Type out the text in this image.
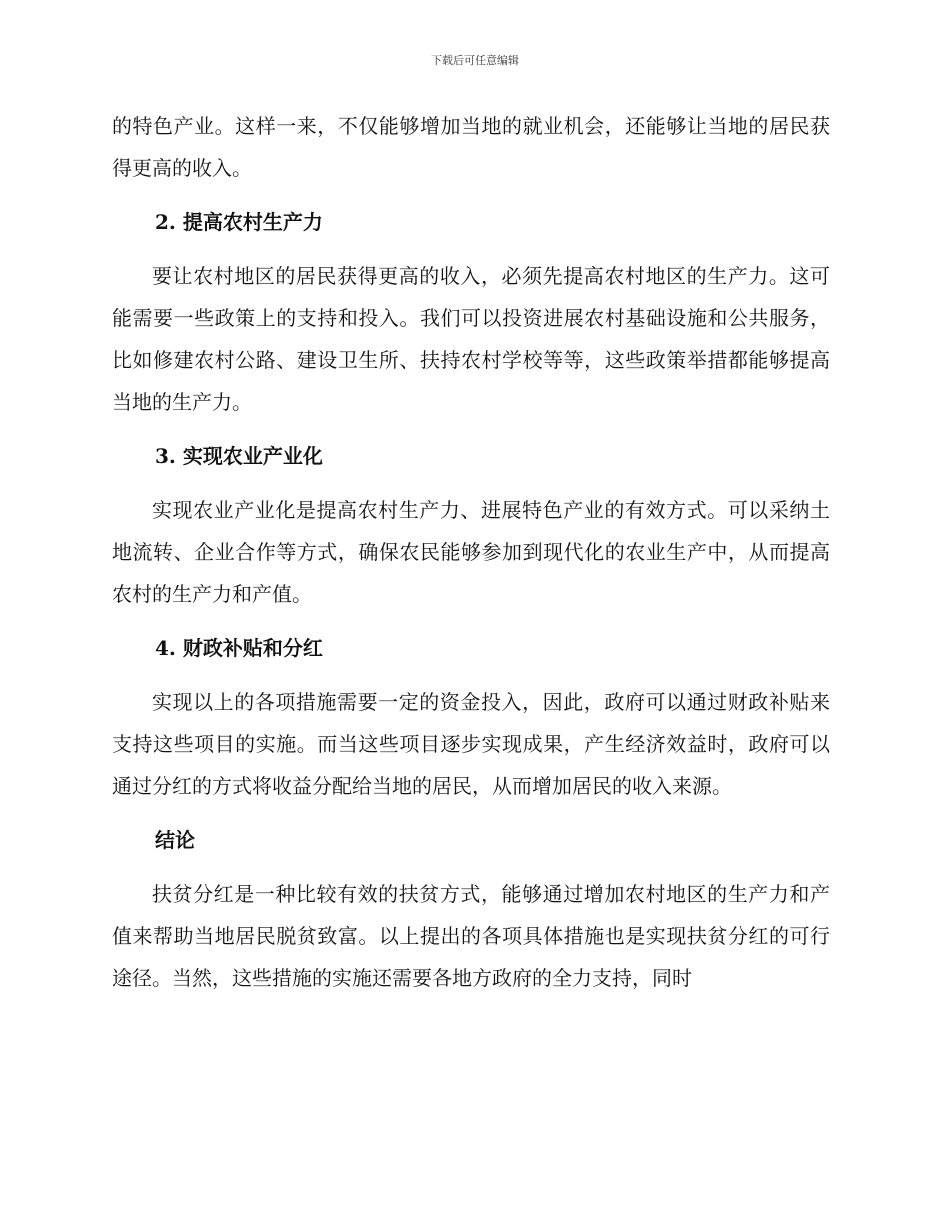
下载后可任意编辑

的特色产业。这样一来，不仅能够增加当地的就业机会，还能够让当地的居民获得更高的收入。

2. 提高农村生产力

要让农村地区的居民获得更高的收入，必须先提高农村地区的生产力。这可能需要一些政策上的支持和投入。我们可以投资进展农村基础设施和公共服务，比如修建农村公路、建设卫生所、扶持农村学校等等，这些政策举措都能够提高当地的生产力。

3. 实现农业产业化

实现农业产业化是提高农村生产力、进展特色产业的有效方式。可以采纳土地流转、企业合作等方式，确保农民能够参加到现代化的农业生产中，从而提高农村的生产力和产值。

4. 财政补贴和分红

实现以上的各项措施需要一定的资金投入，因此，政府可以通过财政补贴来支持这些项目的实施。而当这些项目逐步实现成果，产生经济效益时，政府可以通过分红的方式将收益分配给当地的居民，从而增加居民的收入来源。

结论

扶贫分红是一种比较有效的扶贫方式，能够通过增加农村地区的生产力和产值来帮助当地居民脱贫致富。以上提出的各项具体措施也是实现扶贫分红的可行途径。当然，这些措施的实施还需要各地方政府的全力支持，同时
